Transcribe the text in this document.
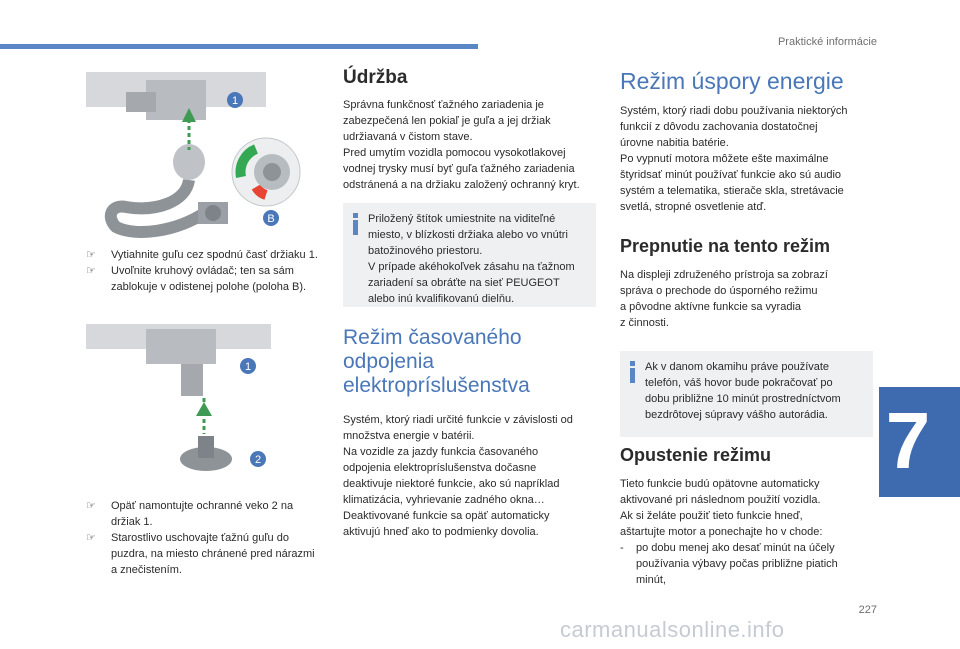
Praktické informácie
7
1
B

☞ Vytiahnite guľu cez spodnú časť držiaku 1.

☞ Uvoľnite kruhový ovládač; ten sa sám zablokuje v odistenej polohe (poloha B).

1
2

☞ Opäť namontujte ochranné veko 2 na držiak 1.

☞ Starostlivo uschovajte ťažnú guľu do puzdra, na miesto chránené pred nárazmi a znečistením.

Údržba

Správna funkčnosť ťažného zariadenia je
zabezpečená len pokiaľ je guľa a jej držiak
udržiavaná v čistom stave.
Pred umytím vozidla pomocou vysokotlakovej
vodnej trysky musí byť guľa ťažného zariadenia
odstránená a na držiaku založený ochranný kryt.

Priložený štítok umiestnite na viditeľné
miesto, v blízkosti držiaka alebo vo vnútri
batožinového priestoru.
V prípade akéhokoľvek zásahu na ťažnom
zariadení sa obráťte na sieť PEUGEOT
alebo inú kvalifikovanú dielňu.
Režim časovaného
odpojenia
elektropríslušenstva

Systém, ktorý riadi určité funkcie v závislosti od
množstva energie v batérii.
Na vozidle za jazdy funkcia časovaného
odpojenia elektropríslušenstva dočasne
deaktivuje niektoré funkcie, ako sú napríklad
klimatizácia, vyhrievanie zadného okna…
Deaktivované funkcie sa opäť automaticky
aktivujú hneď ako to podmienky dovolia.

Režim úspory energie

Systém, ktorý riadi dobu používania niektorých
funkcií z dôvodu zachovania dostatočnej
úrovne nabitia batérie.
Po vypnutí motora môžete ešte maximálne
štyridsať minút používať funkcie ako sú audio
systém a telematika, stierače skla, stretávacie
svetlá, stropné osvetlenie atď.

Prepnutie na tento režim

Na displeji združeného prístroja sa zobrazí
správa o prechode do úsporného režimu
a pôvodne aktívne funkcie sa vyradia
z činnosti.

Ak v danom okamihu práve používate
telefón, váš hovor bude pokračovať po
dobu približne 10 minút prostredníctvom
bezdrôtovej súpravy vášho autorádia.
Opustenie režimu

Tieto funkcie budú opätovne automaticky
aktivované pri následnom použití vozidla.
Ak si želáte použiť tieto funkcie hneď,
aštartujte motor a ponechajte ho v chode:

- po dobu menej ako desať minút na účely
používania výbavy počas približne piatich
minút,
227
carmanualsonline.info
